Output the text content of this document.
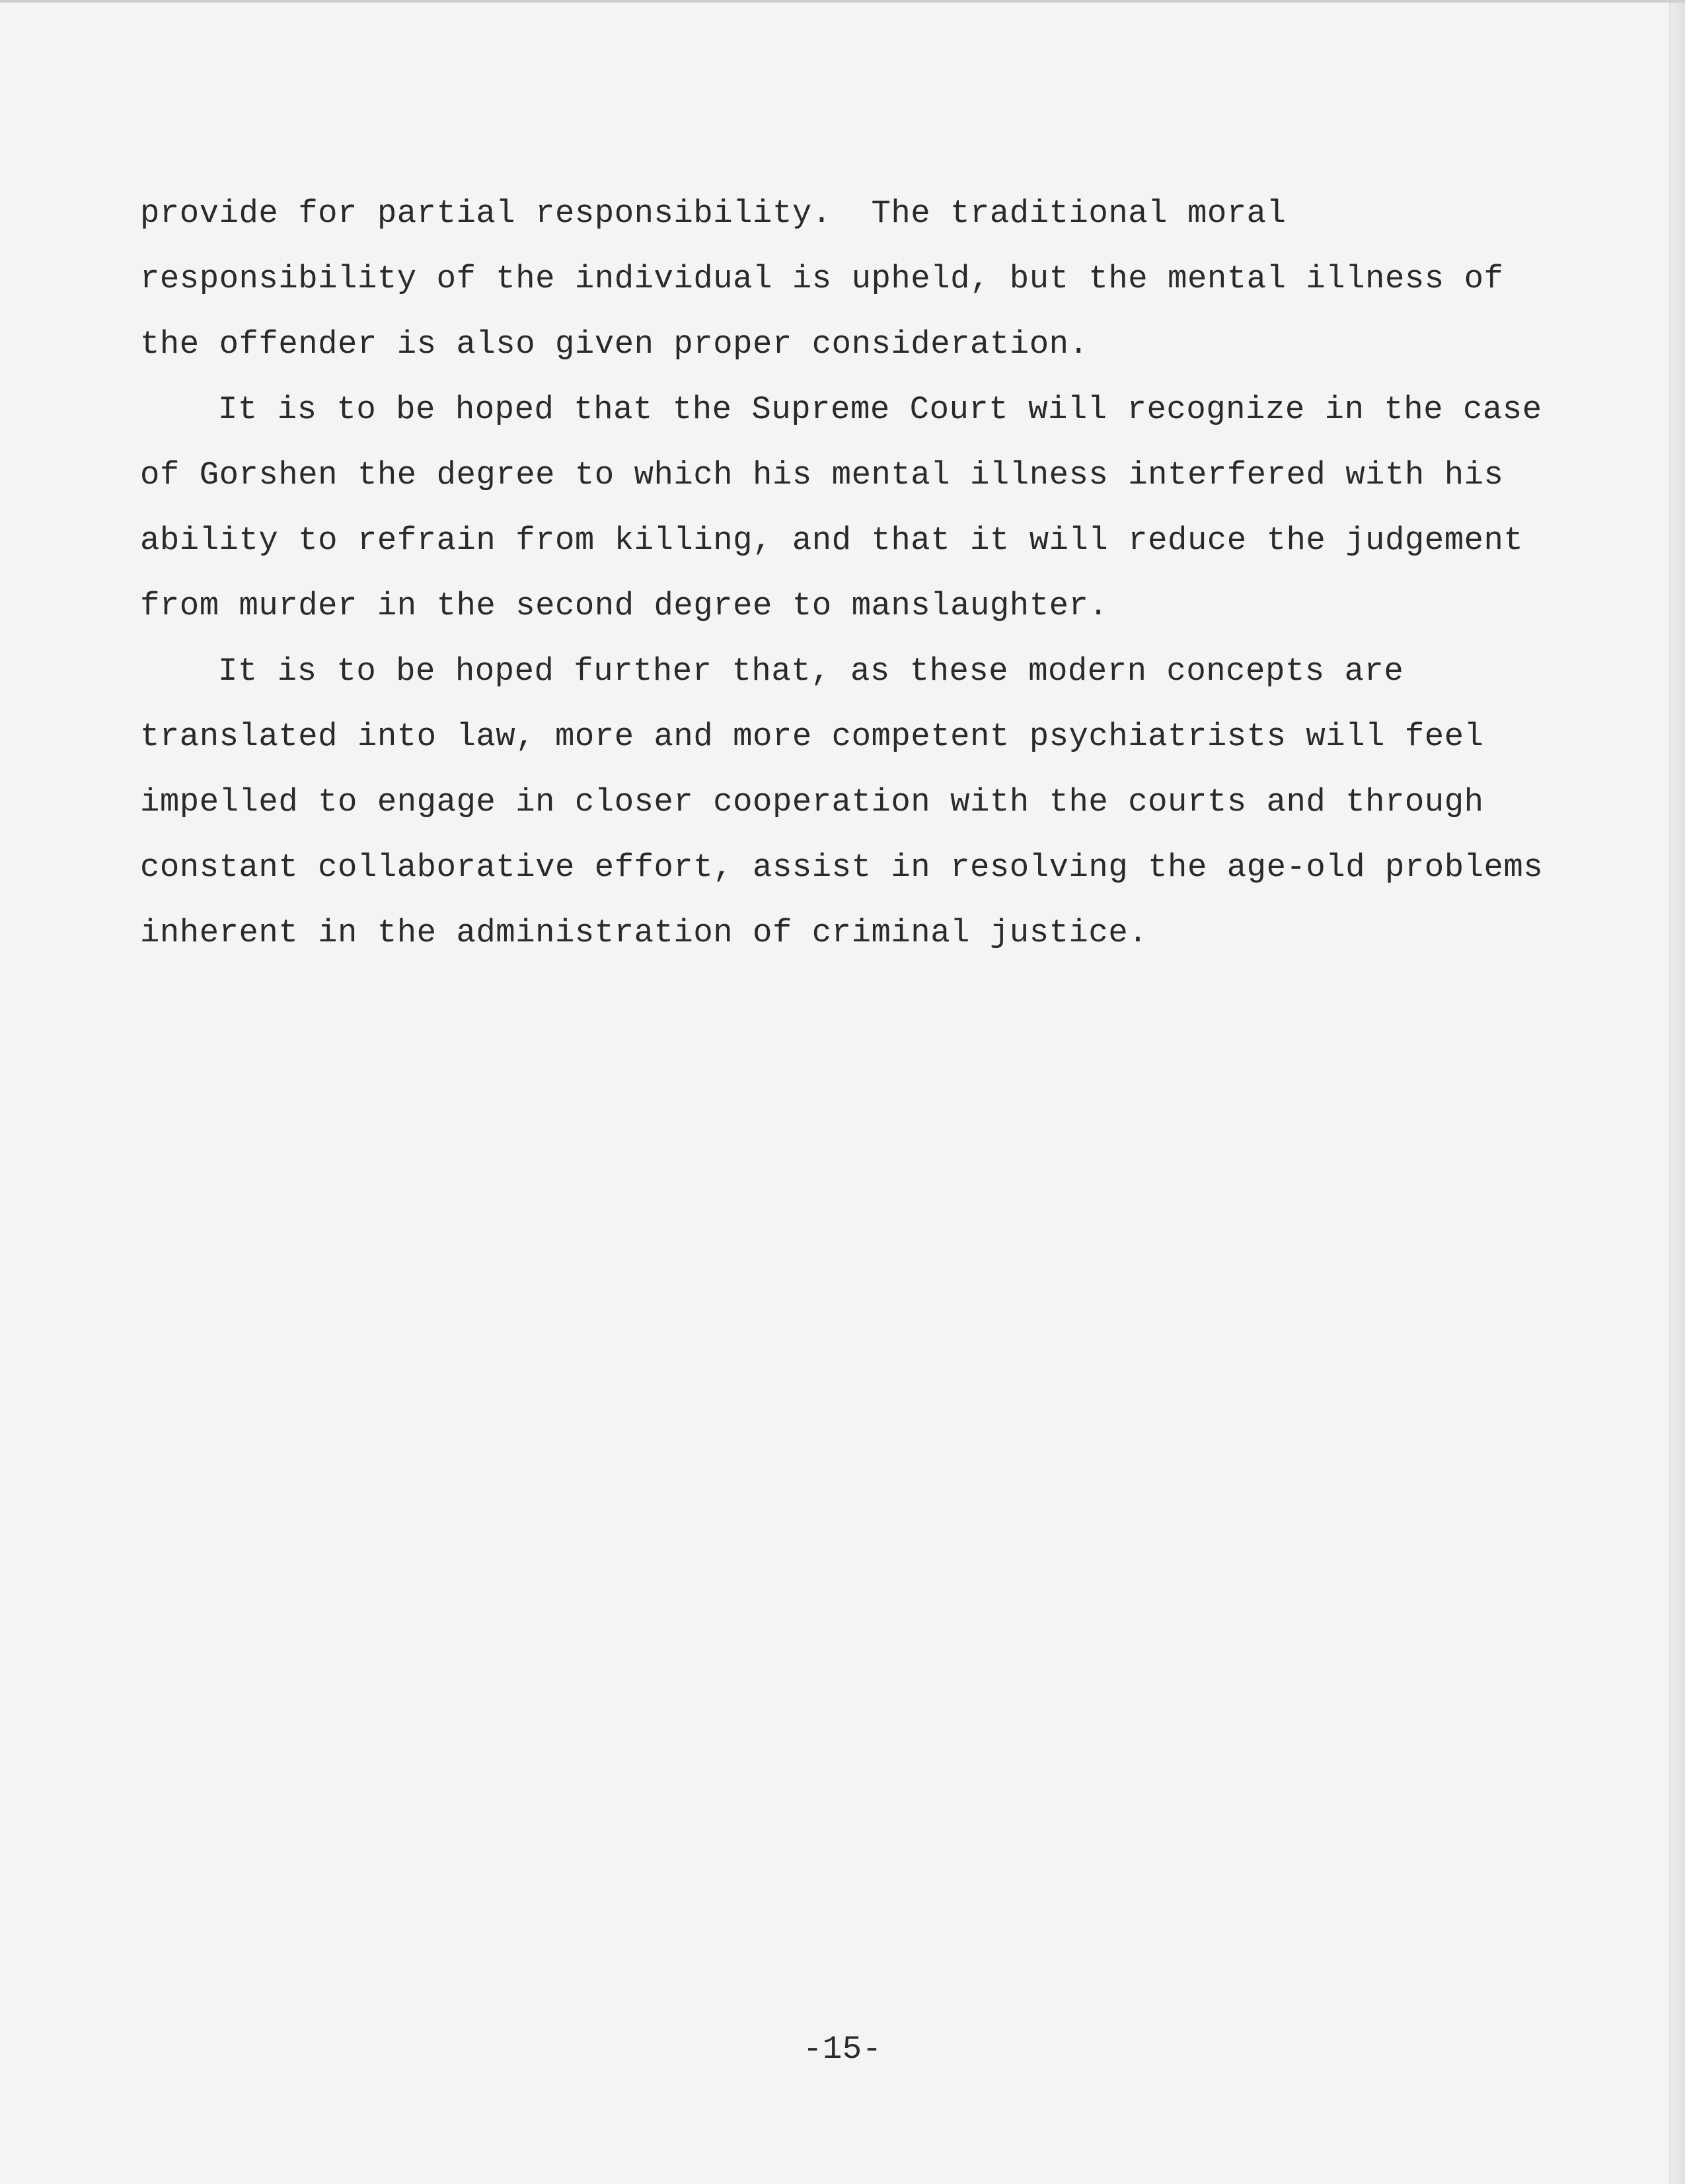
provide for partial responsibility.  The traditional moral
responsibility of the individual is upheld, but the mental illness of
the offender is also given proper consideration.
It is to be hoped that the Supreme Court will recognize in the case
of Gorshen the degree to which his mental illness interfered with his
ability to refrain from killing, and that it will reduce the judgement
from murder in the second degree to manslaughter.
It is to be hoped further that, as these modern concepts are
translated into law, more and more competent psychiatrists will feel
impelled to engage in closer cooperation with the courts and through
constant collaborative effort, assist in resolving the age-old problems
inherent in the administration of criminal justice.
-15-
